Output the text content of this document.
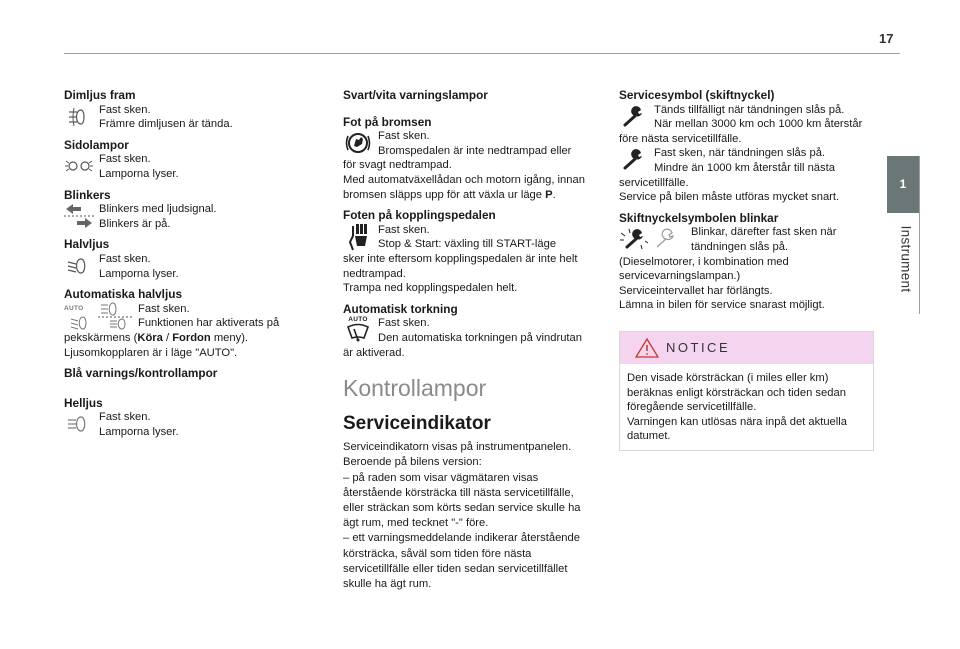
17
1
Instrument

Dimljus fram

Fast sken.

Främre dimljusen är tända.

Sidolampor

Fast sken.

Lamporna lyser.

Blinkers

Blinkers med ljudsignal.

Blinkers är på.

Halvljus

Fast sken.

Lamporna lyser.

Automatiska halvljus

AUTO	Fast sken.

Funktionen har aktiverats på

pekskärmens (Köra / Fordon meny).

Ljusomkopplaren är i läge "AUTO".

Blå varnings/kontrollampor

Helljus

Fast sken.

Lamporna lyser.

Svart/vita varningslampor

Fot på bromsen

Fast sken.

Bromspedalen är inte nedtrampad eller

för svagt nedtrampad.

Med automatväxellådan och motorn igång, innan

bromsen släpps upp för att växla ur läge P.

Foten på kopplingspedalen

Fast sken.

Stop & Start: växling till START-läge

sker inte eftersom kopplingspedalen är inte helt

nedtrampad.

Trampa ned kopplingspedalen helt.

Automatisk torkning

AUTO Fast sken.

Den automatiska torkningen på vindrutan

är aktiverad.

Kontrollampor

Serviceindikator

Serviceindikatorn visas på instrumentpanelen.

Beroende på bilens version:

– på raden som visar vägmätaren visas

återstående körsträcka till nästa servicetillfälle,

eller sträckan som körts sedan service skulle ha

ägt rum, med tecknet "-" före.

– ett varningsmeddelande indikerar återstående

körsträcka, såväl som tiden före nästa

servicetillfälle eller tiden sedan servicetillfället

skulle ha ägt rum.

Servicesymbol (skiftnyckel)

Tänds tillfälligt när tändningen slås på.

När mellan 3000 km och 1000 km återstår

före nästa servicetillfälle.

Fast sken, när tändningen slås på.

Mindre än 1000 km återstår till nästa

servicetillfälle.

Service på bilen måste utföras mycket snart.

Skiftnyckelsymbolen blinkar

Blinkar, därefter fast sken när

tändningen slås på.

(Dieselmotorer, i kombination med

servicevarningslampan.)

Serviceintervallet har förlängts.

Lämna in bilen för service snarast möjligt.

NOTICE

Den visade körsträckan (i miles eller km)

beräknas enligt körsträckan och tiden sedan

föregående servicetillfälle.

Varningen kan utlösas nära inpå det aktuella

datumet.
